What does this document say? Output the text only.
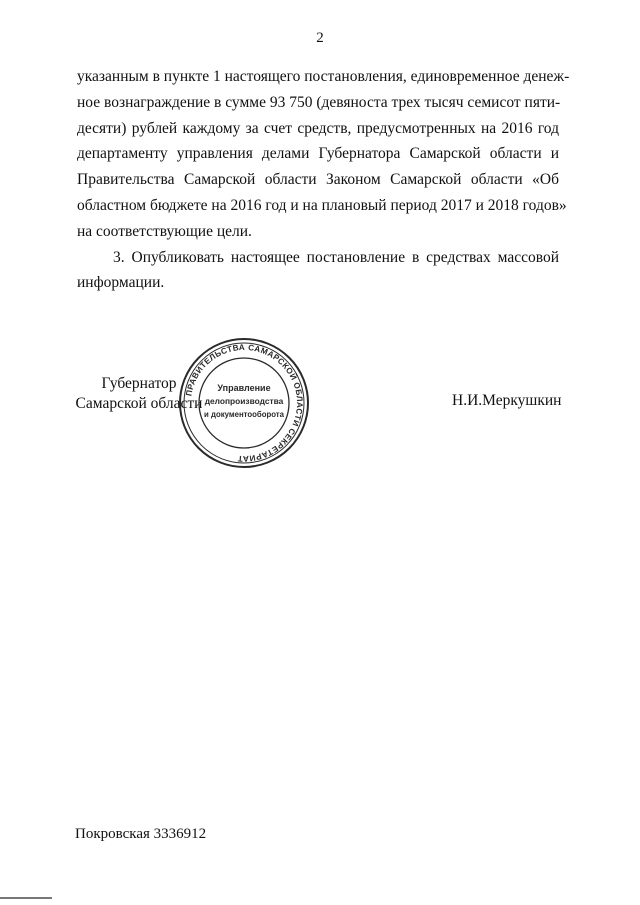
2
указанным в пункте 1 настоящего постановления, единовременное денеж-
ное вознаграждение в сумме 93 750 (девяноста трех тысяч семисот пяти-
десяти) рублей каждому за счет средств, предусмотренных на 2016 год
департаменту управления делами Губернатора Самарской области и
Правительства Самарской области Законом Самарской области «Об
областном бюджете на 2016 год и на плановый период 2017 и 2018 годов»
на соответствующие цели.
3. Опубликовать настоящее постановление в средствах массовой
информации.
Губернатор
Самарской области	Н.И.Меркушкин
ПРАВИТЕЛЬСТВА САМАРСКОЙ ОБЛАСТИ СЕКРЕТАРИАТ
Управление
делопроизводства
и документооборота
Покровская 3336912
